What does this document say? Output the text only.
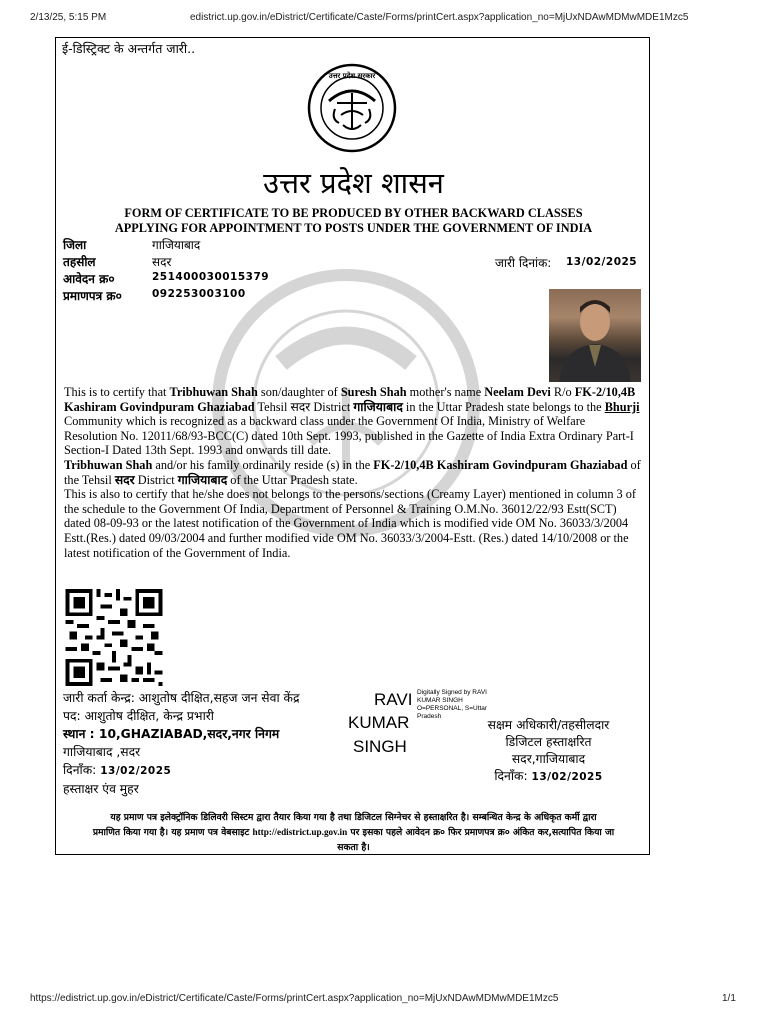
2/13/25, 5:15 PM	edistrict.up.gov.in/eDistrict/Certificate/Caste/Forms/printCert.aspx?application_no=MjUxNDAwMDMwMDE1Mzc5
ई-डिस्ट्रिक्ट के अन्तर्गत जारी..
उत्तर प्रदेश सरकार
उत्तर प्रदेश शासन
FORM OF CERTIFICATE TO BE PRODUCED BY OTHER BACKWARD CLASSES
APPLYING FOR APPOINTMENT TO POSTS UNDER THE GOVERNMENT OF INDIA
जिला	गाजियाबाद
तहसील	सदर
आवेदन क्र०	251400030015379
प्रमाणपत्र क्र०	092253003100
जारी दिनांक: 13/02/2025
This is to certify that Tribhuwan Shah son/daughter of Suresh Shah mother's name Neelam Devi R/o FK-2/10,4B Kashiram Govindpuram Ghaziabad Tehsil सदर District गाजियाबाद in the Uttar Pradesh state belongs to the Bhurji Community which is recognized as a backward class under the Government Of India, Ministry of Welfare Resolution No. 12011/68/93-BCC(C) dated 10th Sept. 1993, published in the Gazette of India Extra Ordinary Part-I Section-I Dated 13th Sept. 1993 and onwards till date.
Tribhuwan Shah and/or his family ordinarily reside (s) in the FK-2/10,4B Kashiram Govindpuram Ghaziabad of the Tehsil सदर District गाजियाबाद of the Uttar Pradesh state.
This is also to certify that he/she does not belongs to the persons/sections (Creamy Layer) mentioned in column 3 of the schedule to the Government Of India, Department of Personnel & Training O.M.No. 36012/22/93 Estt(SCT) dated 08-09-93 or the latest notification of the Government of India which is modified vide OM No. 36033/3/2004 Estt.(Res.) dated 09/03/2004 and further modified vide OM No. 36033/3/2004-Estt. (Res.) dated 14/10/2008 or the latest notification of the Government of India.
जारी कर्ता केन्द्र: आशुतोष दीक्षित,सहज जन सेवा केंद्र
पद: आशुतोष दीक्षित, केन्द्र प्रभारी
स्थान : 10,GHAZIABAD,सदर,नगर निगम
गाजियाबाद ,सदर
दिनाँक: 13/02/2025
हस्ताक्षर एंव मुहर
RAVI
KUMAR
SINGH
Digitally Signed by RAVI
KUMAR SINGH
O=PERSONAL, S=Uttar
Pradesh
सक्षम अधिकारी/तहसीलदार
डिजिटल हस्ताक्षरित
सदर,गाजियाबाद
दिनाँक: 13/02/2025
यह प्रमाण पत्र इलेक्ट्रॉनिक डिलिवरी सिस्टम द्वारा तैयार किया गया है तथा डिजिटल सिग्नेचर से हस्ताक्षरित है। सम्बन्धित केन्द्र के अधिकृत कर्मी द्वारा
प्रमाणित किया गया है। यह प्रमाण पत्र वेबसाइट http://edistrict.up.gov.in पर इसका पहले आवेदन क्र० फिर प्रमाणपत्र क्र० अंकित कर,सत्यापित किया जा
सकता है।
https://edistrict.up.gov.in/eDistrict/Certificate/Caste/Forms/printCert.aspx?application_no=MjUxNDAwMDMwMDE1Mzc5	1/1
